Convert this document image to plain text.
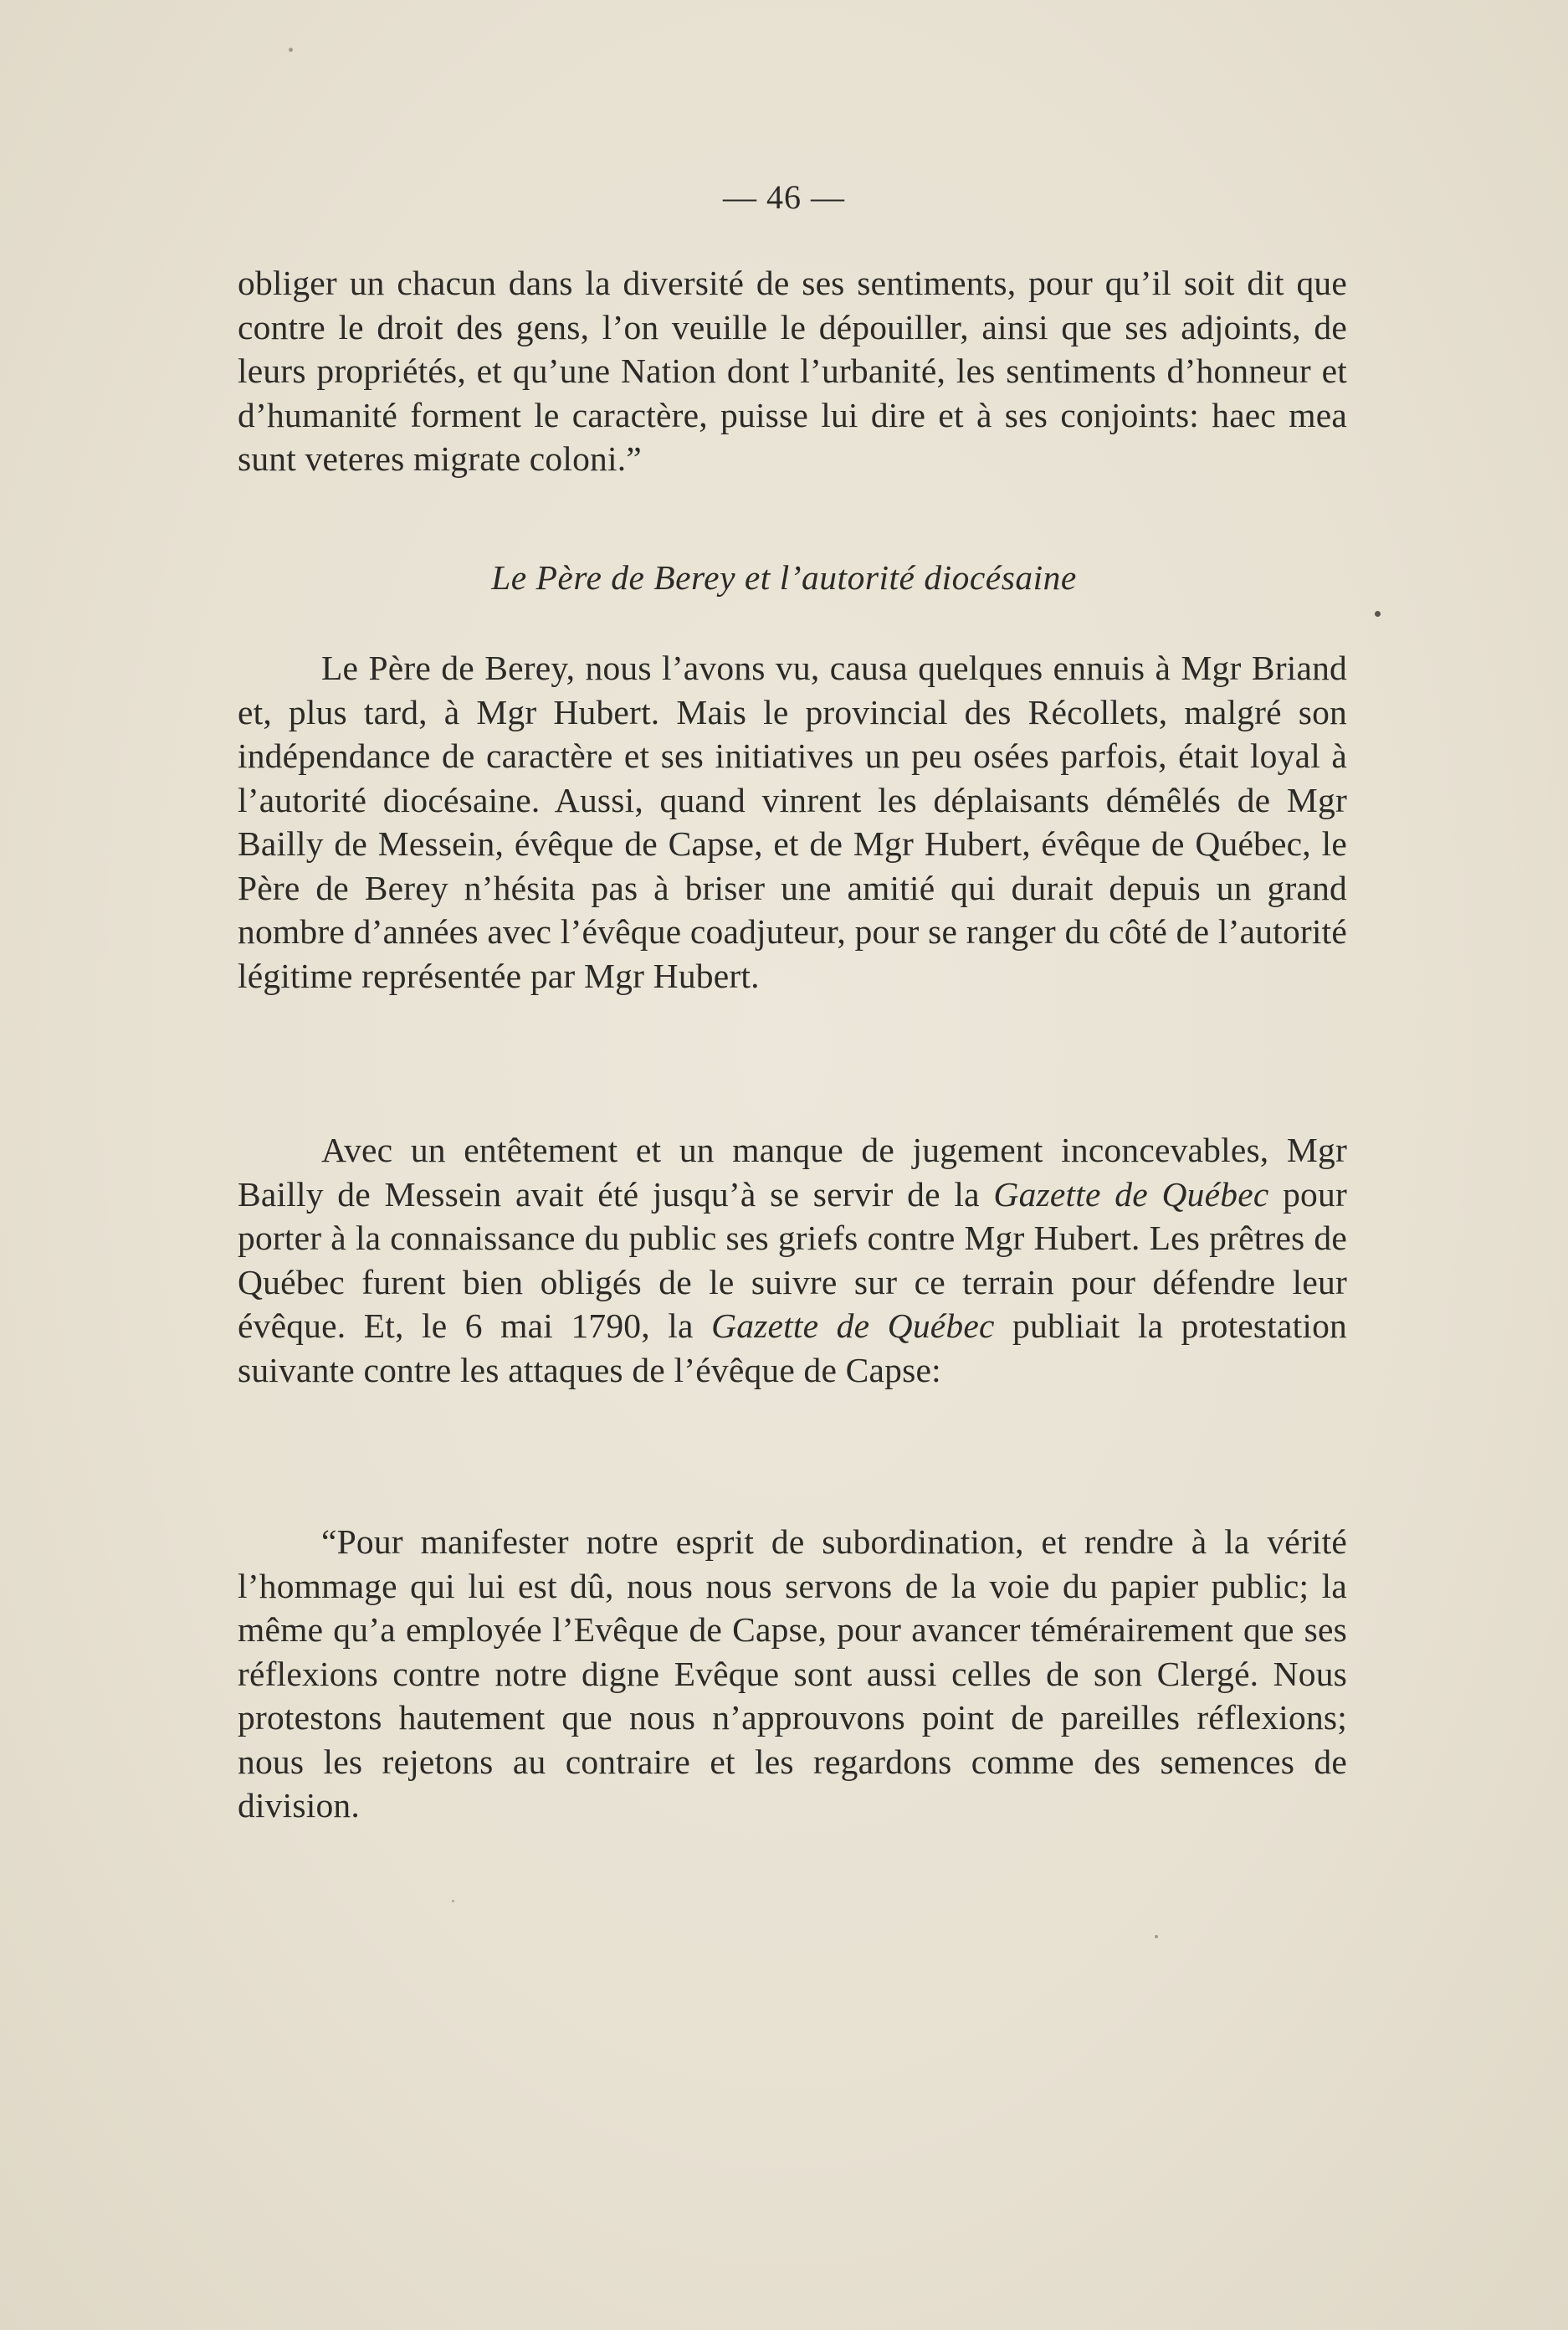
— 46 —

obliger un chacun dans la diversité de ses sentiments, pour qu’il soit dit que contre le droit des gens, l’on veuille le dépouiller, ainsi que ses adjoints, de leurs propriétés, et qu’une Nation dont l’urbanité, les sentiments d’honneur et d’humanité forment le caractère, puisse lui dire et à ses conjoints: haec mea sunt veteres migrate coloni.”

Le Père de Berey et l’autorité diocésaine

Le Père de Berey, nous l’avons vu, causa quelques ennuis à Mgr Briand et, plus tard, à Mgr Hubert. Mais le provincial des Récollets, malgré son indépendance de caractère et ses initiatives un peu osées parfois, était loyal à l’autorité diocésaine. Aussi, quand vinrent les déplaisants démêlés de Mgr Bailly de Messein, évêque de Capse, et de Mgr Hubert, évêque de Québec, le Père de Berey n’hésita pas à briser une amitié qui durait depuis un grand nombre d’années avec l’évêque coadjuteur, pour se ranger du côté de l’autorité légitime représentée par Mgr Hubert.

Avec un entêtement et un manque de jugement inconcevables, Mgr Bailly de Messein avait été jusqu’à se servir de la Gazette de Québec pour porter à la connaissance du public ses griefs contre Mgr Hubert. Les prêtres de Québec furent bien obligés de le suivre sur ce terrain pour défendre leur évêque. Et, le 6 mai 1790, la Gazette de Québec publiait la protestation suivante contre les attaques de l’évêque de Capse:

“Pour manifester notre esprit de subordination, et rendre à la vérité l’hommage qui lui est dû, nous nous servons de la voie du papier public; la même qu’a employée l’Evêque de Capse, pour avancer témérairement que ses réflexions contre notre digne Evêque sont aussi celles de son Clergé. Nous protestons hautement que nous n’approuvons point de pareilles réflexions; nous les rejetons au contraire et les regardons comme des semences de division.
